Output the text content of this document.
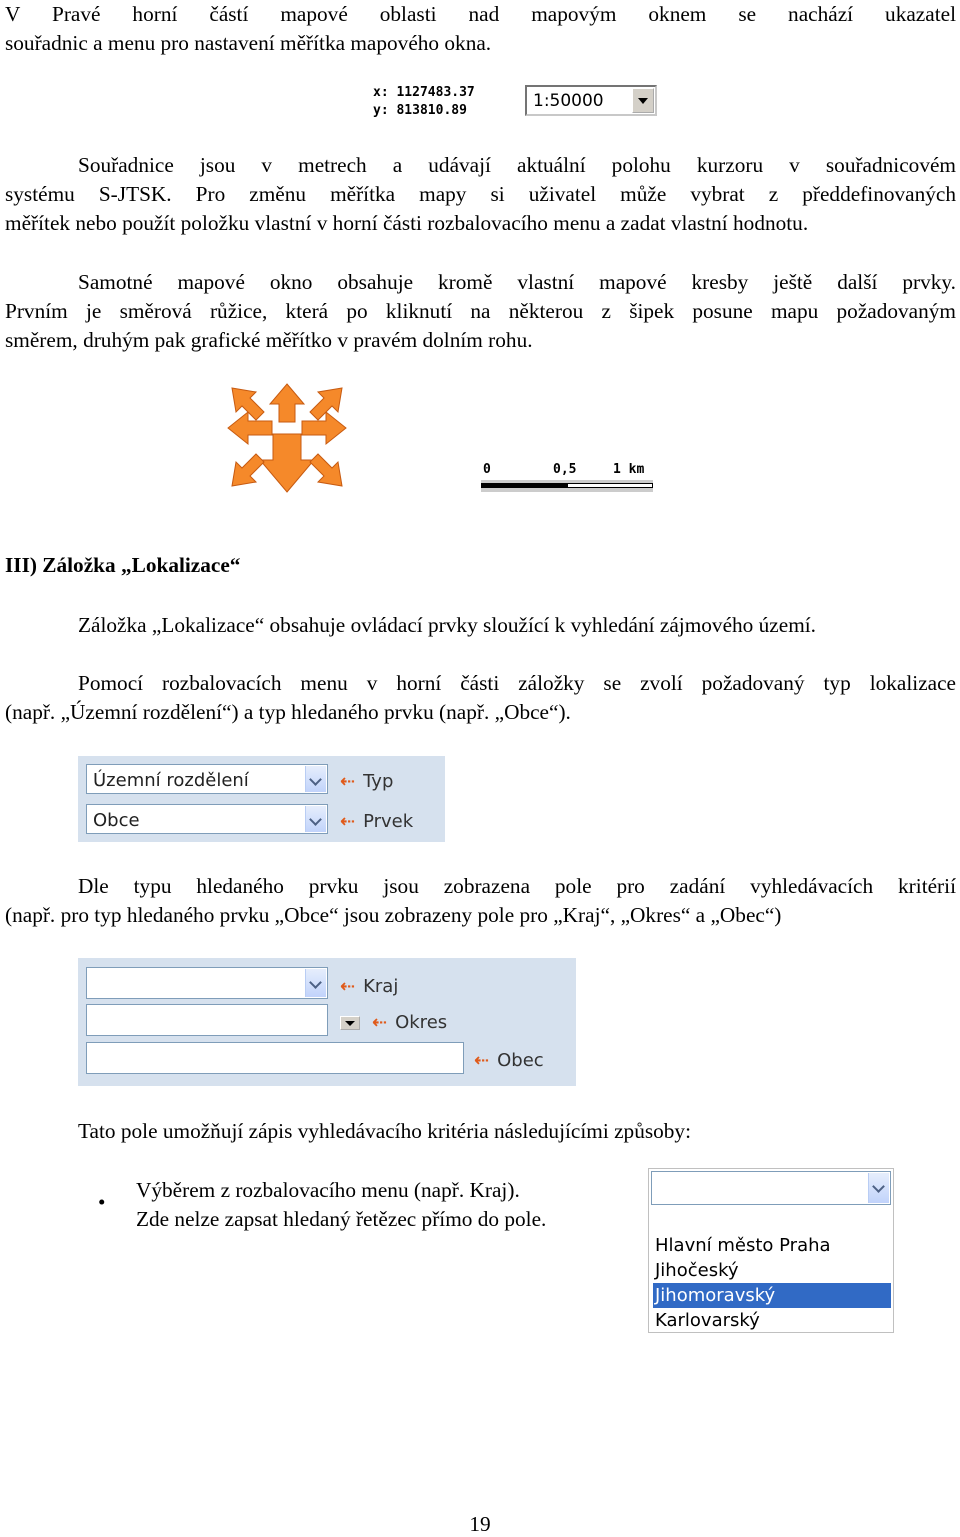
V Pravé horní částí mapové oblasti nad mapovým oknem se nachází ukazatel

souřadnic a menu pro nastavení měřítka mapového okna.

x: 1127483.37
y: 813810.89	1:50000

Souřadnice jsou v metrech a udávají aktuální polohu kurzoru v souřadnicovém

systému S-JTSK. Pro změnu měřítka mapy si uživatel může vybrat z předdefinovaných

měřítek nebo použít položku vlastní v horní části rozbalovacího menu a zadat vlastní hodnotu.

Samotné mapové okno obsahuje kromě vlastní mapové kresby ještě další prvky.

Prvním je směrová růžice, která po kliknutí na některou z šipek posune mapu požadovaným

směrem, druhým pak grafické měřítko v pravém dolním rohu.

0	0,5	1 km

III) Záložka „Lokalizace“

Záložka „Lokalizace“ obsahuje ovládací prvky sloužící k vyhledání zájmového území.

Pomocí rozbalovacích menu v horní části záložky se zvolí požadovaný typ lokalizace

(např. „Územní rozdělení“) a typ hledaného prvku (např. „Obce“).

Územní rozdělení	⇠ Typ
Obce	⇠ Prvek

Dle typu hledaného prvku jsou zobrazena pole pro zadání vyhledávacích kritérií

(např. pro typ hledaného prvku „Obce“ jsou zobrazeny pole pro „Kraj“, „Okres“ a „Obec“)

⇠ Kraj
⇠ Okres
⇠ Obec

Tato pole umožňují zápis vyhledávacího kritéria následujícími způsoby:

• Výběrem z rozbalovacího menu (např. Kraj).

Zde nelze zapsat hledaný řetězec přímo do pole.

Hlavní město Praha
Jihočeský
Jihomoravský
Karlovarský
19
